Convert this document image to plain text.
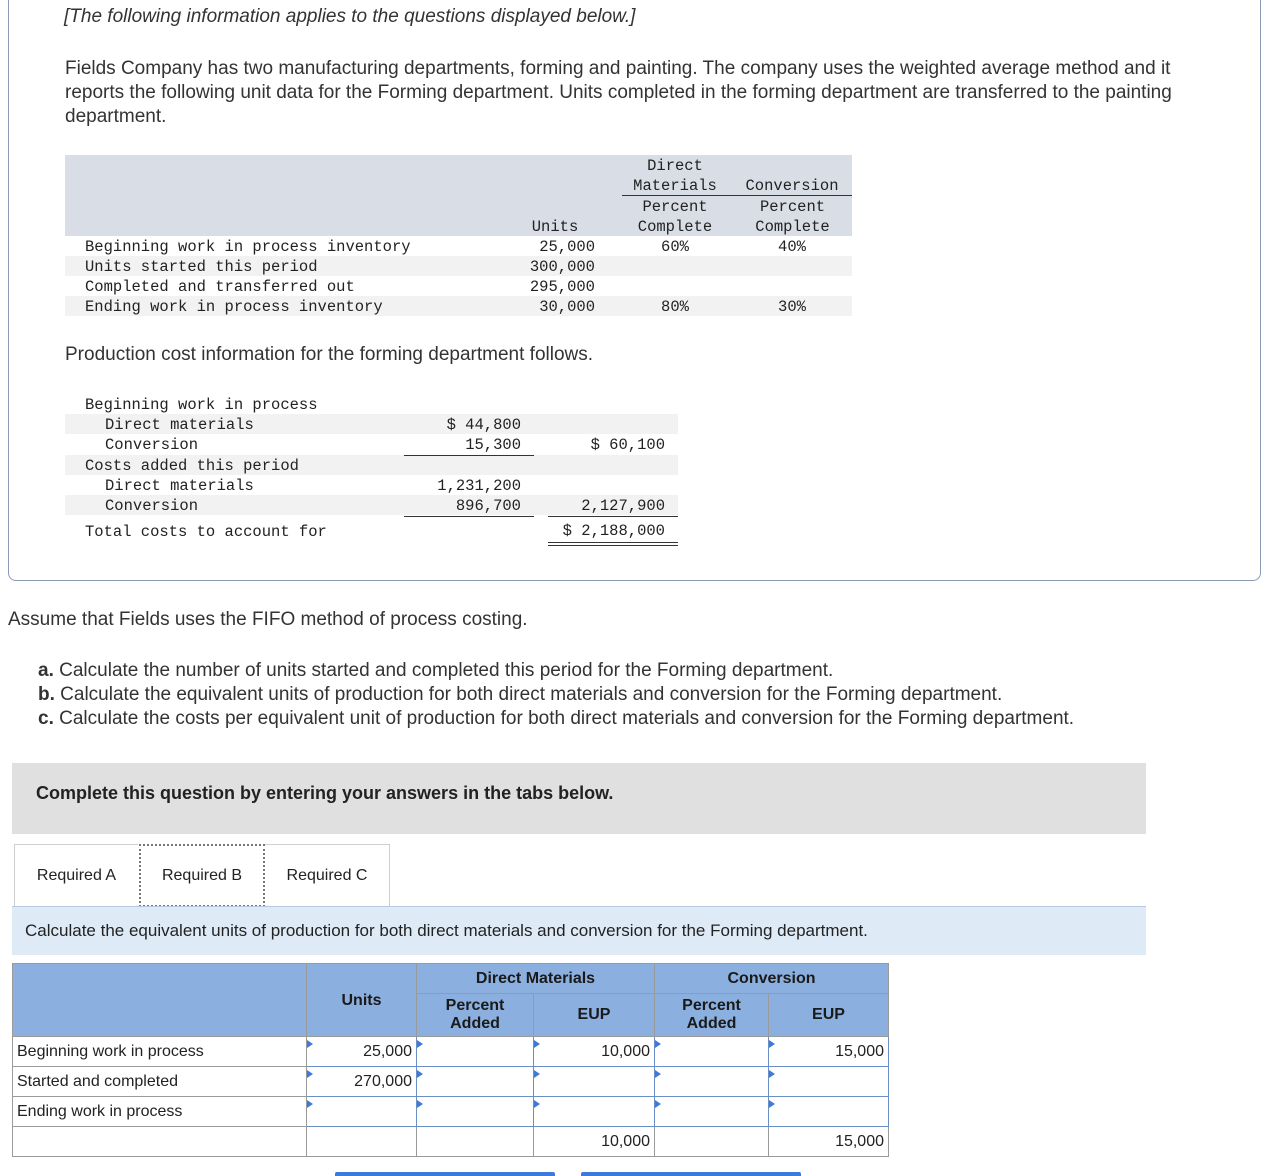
[The following information applies to the questions displayed below.]
Fields Company has two manufacturing departments, forming and painting. The company uses the weighted average method and it reports the following unit data for the Forming department. Units completed in the forming department are transferred to the painting department.
Direct
Materials	Conversion
Percent	Percent
Units	Complete	Complete
Beginning work in process inventory	25,000	60%	40%
Units started this period	300,000
Completed and transferred out	295,000
Ending work in process inventory	30,000	80%	30%
Production cost information for the forming department follows.
Beginning work in process
Direct materials	$ 44,800
Conversion	15,300	$ 60,100
Costs added this period
Direct materials	1,231,200
Conversion	896,700	2,127,900
Total costs to account for	$ 2,188,000
Assume that Fields uses the FIFO method of process costing.
a. Calculate the number of units started and completed this period for the Forming department.
b. Calculate the equivalent units of production for both direct materials and conversion for the Forming department.
c. Calculate the costs per equivalent unit of production for both direct materials and conversion for the Forming department.
Complete this question by entering your answers in the tabs below.
Required A	Required B	Required C
Calculate the equivalent units of production for both direct materials and conversion for the Forming department.
	Units	Direct Materials		Conversion	
		Percent Added	EUP	Percent Added	EUP
Beginning work in process	25,000		10,000		15,000
Started and completed	270,000				
Ending work in process					
			10,000		15,000
